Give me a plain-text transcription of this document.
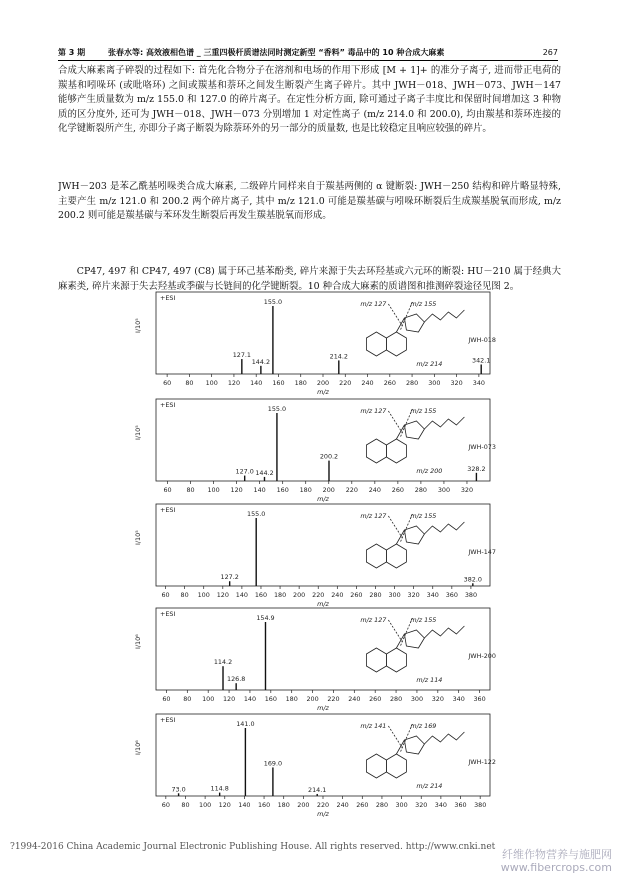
第 3 期	张春水等: 高效液相色谱 _ 三重四极杆质谱法同时测定新型 “香料” 毒品中的 10 种合成大麻素	267

合成大麻素离子碎裂的过程如下: 首先化合物分子在溶剂和电场的作用下形成 [M + 1]+ 的准分子离子, 进而带正电荷的羰基和吲哚环 (或吡咯环) 之间或羰基和萘环之间发生断裂产生离子碎片。其中 JWH－018、JWH－073、JWH－147 能够产生质量数为 m/z 155.0 和 127.0 的碎片离子。在定性分析方面, 除可通过子离子丰度比和保留时间增加这 3 种物质的区分度外, 还可为 JWH－018、JWH－073 分别增加 1 对定性离子 (m/z 214.0 和 200.0), 均由羰基和萘环连接的化学键断裂所产生, 亦即分子离子断裂为除萘环外的另一部分的质量数, 也是比较稳定且响应较强的碎片。

JWH－203 是苯乙酰基吲哚类合成大麻素, 二级碎片同样来自于羰基两侧的 α 键断裂: JWH－250 结构和碎片略显特殊, 主要产生 m/z 121.0 和 200.2 两个碎片离子, 其中 m/z 121.0 可能是羰基碳与吲哚环断裂后生成羰基脱氧而形成, m/z 200.2 则可能是羰基碳与苯环发生断裂后再发生羰基脱氧而形成。

CP47, 497 和 CP47, 497 (C8) 属于环己基苯酚类, 碎片来源于失去环羟基或六元环的断裂: HU－210 属于经典大麻素类, 碎片来源于失去羟基或季碳与长链间的化学键断裂。10 种合成大麻素的质谱图和推测碎裂途径见图 2。

+ESI
I/10⁵
60 80 100 120 140 160 180 200 220 240 260 280 300 320 340
m/z
127.1
144.2
155.0
214.2
342.1
m/z 127	m/z 155
m/z 214
JWH-018
+ESI
I/10⁵
60 80 100 120 140 160 180 200 220 240 260 280 300 320
m/z
127.0 144.2
155.0
200.2
328.2
m/z 127	m/z 155
m/z 200
JWH-073
+ESI
I/10⁵
60 80 100 120 140 160 180 200 220 240 260 280 300 320 340 360 380
m/z
127.2
155.0
382.0
m/z 127	m/z 155
JWH-147
+ESI
I/10⁶
60 80 100 120 140 160 180 200 220 240 260 280 300 320 340 360
m/z
114.2
126.8
154.9	m/z 127	m/z 155
m/z 114
JWH-200
+ESI
I/10⁶
60 80 100 120 140 160 180 200 220 240 260 280 300 320 340 360 380
m/z
73.0	114.8
141.0
169.0
214.1
m/z 141	m/z 169
m/z 214
JWH-122
?1994-2016 China Academic Journal Electronic Publishing House. All rights reserved. http://www.cnki.net
纤维作物营养与施肥网
www.fibercrops.com
